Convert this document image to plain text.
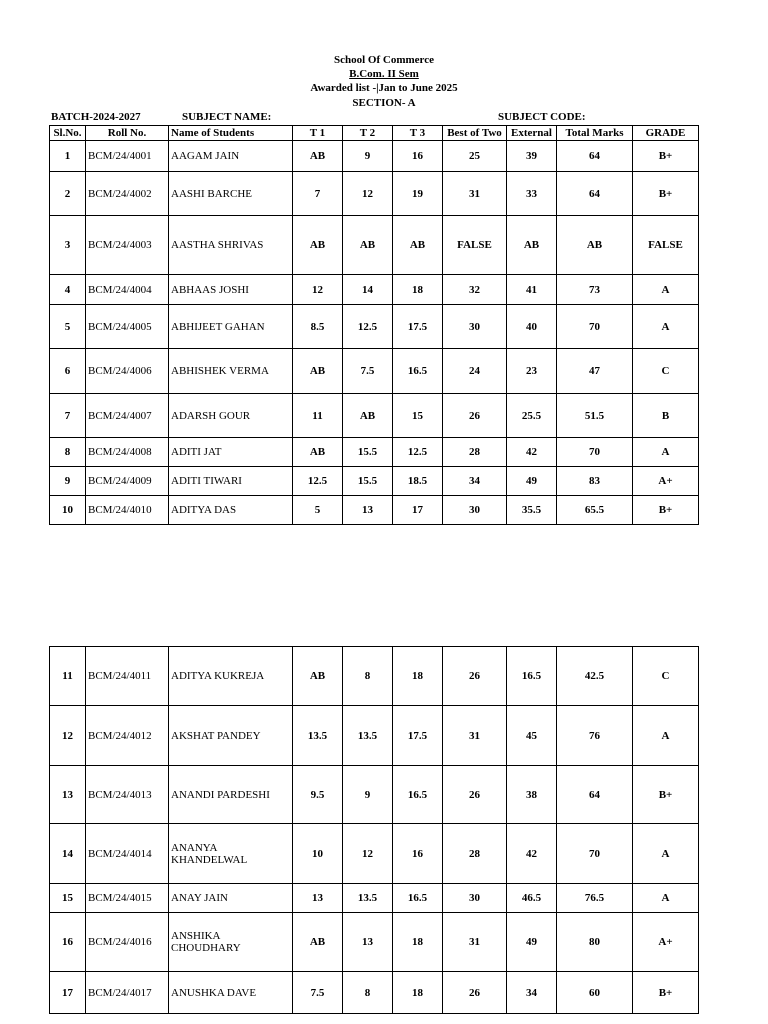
School Of Commerce
B.Com. II Sem
Awarded list -|Jan to June 2025
SECTION- A
BATCH-2024-2027	SUBJECT NAME:	SUBJECT CODE:
Sl.No.	Roll No.	Name of Students	T 1	T 2	T 3	Best of Two	External	Total Marks	GRADE
1	BCM/24/4001	AAGAM JAIN	AB	9	16	25	39	64	B+
2	BCM/24/4002	AASHI BARCHE	7	12	19	31	33	64	B+
3	BCM/24/4003	AASTHA SHRIVAS	AB	AB	AB	FALSE	AB	AB	FALSE
4	BCM/24/4004	ABHAAS JOSHI	12	14	18	32	41	73	A
5	BCM/24/4005	ABHIJEET GAHAN	8.5	12.5	17.5	30	40	70	A
6	BCM/24/4006	ABHISHEK VERMA	AB	7.5	16.5	24	23	47	C
7	BCM/24/4007	ADARSH GOUR	11	AB	15	26	25.5	51.5	B
8	BCM/24/4008	ADITI JAT	AB	15.5	12.5	28	42	70	A
9	BCM/24/4009	ADITI TIWARI	12.5	15.5	18.5	34	49	83	A+
10	BCM/24/4010	ADITYA DAS	5	13	17	30	35.5	65.5	B+
11	BCM/24/4011	ADITYA KUKREJA	AB	8	18	26	16.5	42.5	C
12	BCM/24/4012	AKSHAT PANDEY	13.5	13.5	17.5	31	45	76	A
13	BCM/24/4013	ANANDI PARDESHI	9.5	9	16.5	26	38	64	B+
14	BCM/24/4014	ANANYA KHANDELWAL	10	12	16	28	42	70	A
15	BCM/24/4015	ANAY JAIN	13	13.5	16.5	30	46.5	76.5	A
16	BCM/24/4016	ANSHIKA CHOUDHARY	AB	13	18	31	49	80	A+
17	BCM/24/4017	ANUSHKA DAVE	7.5	8	18	26	34	60	B+
